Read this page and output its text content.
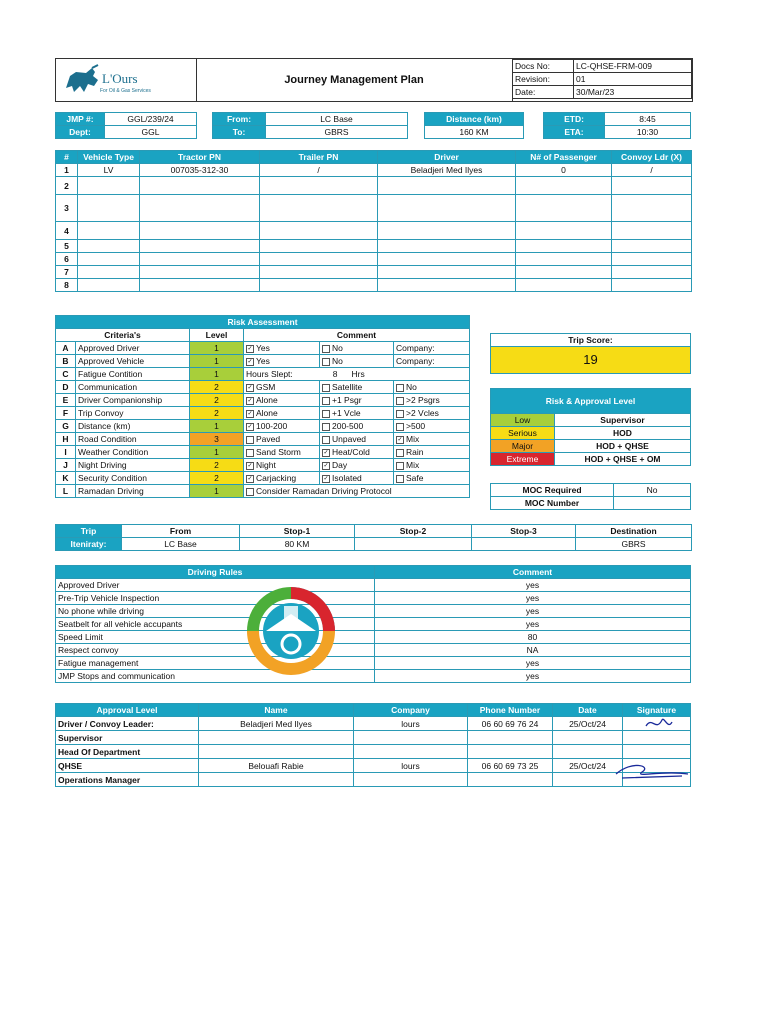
L'Ours
For Oil & Gas Services
Journey Management Plan
Docs No:	LC-QHSE-FRM-009
Revision:	01
Date:	30/Mar/23
JMP #:	GGL/239/24
Dept:	GGL
From:	LC Base
To:	GBRS
Distance (km)
160 KM
ETD:	8:45
ETA:	10:30
#	Vehicle Type	Tractor PN	Trailer PN	Driver	N# of Passenger	Convoy Ldr (X)
1	LV	007035-312-30	/	Beladjeri Med Ilyes	0	/
2						
3						
4						
5						
6						
7						
8						
Risk Assessment					
Criteria's		Level	Comment		
A	Approved Driver	1	✓ Yes	No	Company:
B	Approved Vehicle	1	✓ Yes	No	Company:
C	Fatigue Contition	1	Hours Slept: 8 Hrs		
D	Communication	2	✓ GSM	Satellite	No
E	Driver Companionship	2	✓ Alone	+1 Psgr	>2 Psgrs
F	Trip Convoy	2	✓ Alone	+1 Vcle	>2 Vcles
G	Distance (km)	1	✓ 100-200	200-500	>500
H	Road Condition	3	Paved	Unpaved	✓ Mix
I	Weather Condition	1	Sand Storm	✓ Heat/Cold	Rain
J	Night Driving	2	✓ Night	✓ Day	Mix
K	Security Condition	2	✓ Carjacking	✓ Isolated	Safe
L	Ramadan Driving	1	Consider Ramadan Driving Protocol		
Trip Score:
19
Risk & Approval Level	
Low	Supervisor
Serious	HOD
Major	HOD + QHSE
Extreme	HOD + QHSE + OM
MOC Required	No
MOC Number	
Trip	From	Stop-1	Stop-2	Stop-3	Destination
Iteniraty:	LC Base	80 KM			GBRS
Driving Rules	Comment
Approved Driver	yes
Pre-Trip Vehicle Inspection	yes
No phone while driving	yes
Seatbelt for all vehicle accupants	yes
Speed Limit	80
Respect convoy	NA
Fatigue management	yes
JMP Stops and communication	yes
Approval Level	Name	Company	Phone Number	Date	Signature
Driver / Convoy Leader:	Beladjeri Med Ilyes	lours	06 60 69 76 24	25/Oct/24	
Supervisor					
Head Of Department					
QHSE	Belouafi Rabie	lours	06 60 69 73 25	25/Oct/24	
Operations Manager					
